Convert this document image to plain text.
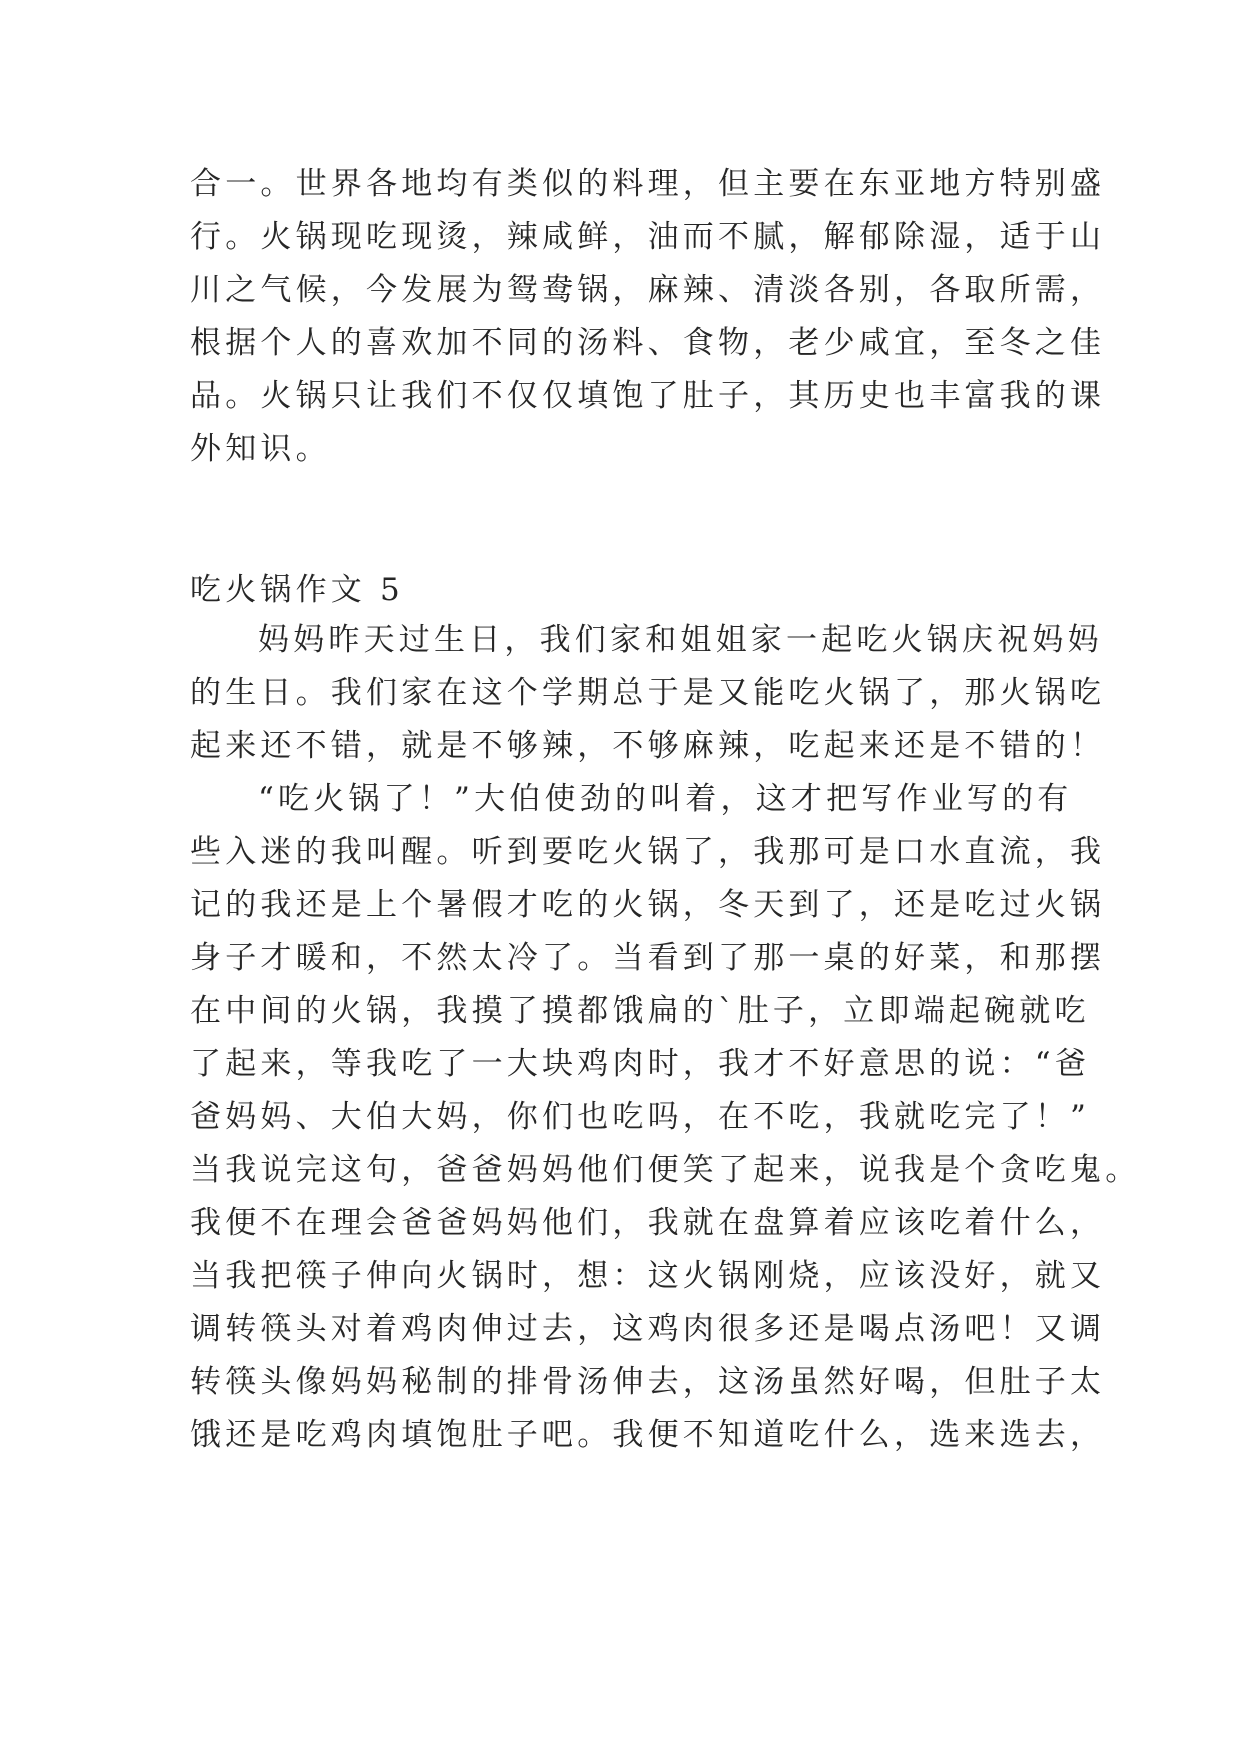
合一。世界各地均有类似的料理，但主要在东亚地方特别盛
行。火锅现吃现烫，辣咸鲜，油而不腻，解郁除湿，适于山
川之气候，今发展为鸳鸯锅，麻辣、清淡各别，各取所需，
根据个人的喜欢加不同的汤料、食物，老少咸宜，至冬之佳
品。火锅只让我们不仅仅填饱了肚子，其历史也丰富我的课
外知识。
吃火锅作文 5
妈妈昨天过生日，我们家和姐姐家一起吃火锅庆祝妈妈
的生日。我们家在这个学期总于是又能吃火锅了，那火锅吃
起来还不错，就是不够辣，不够麻辣，吃起来还是不错的！
“吃火锅了！”大伯使劲的叫着，这才把写作业写的有
些入迷的我叫醒。听到要吃火锅了，我那可是口水直流，我
记的我还是上个暑假才吃的火锅，冬天到了，还是吃过火锅
身子才暖和，不然太冷了。当看到了那一桌的好菜，和那摆
在中间的火锅，我摸了摸都饿扁的`肚子，立即端起碗就吃
了起来，等我吃了一大块鸡肉时，我才不好意思的说：“爸
爸妈妈、大伯大妈，你们也吃吗，在不吃，我就吃完了！”
当我说完这句，爸爸妈妈他们便笑了起来，说我是个贪吃鬼。
我便不在理会爸爸妈妈他们，我就在盘算着应该吃着什么，
当我把筷子伸向火锅时，想：这火锅刚烧，应该没好，就又
调转筷头对着鸡肉伸过去，这鸡肉很多还是喝点汤吧！又调
转筷头像妈妈秘制的排骨汤伸去，这汤虽然好喝，但肚子太
饿还是吃鸡肉填饱肚子吧。我便不知道吃什么，选来选去，
